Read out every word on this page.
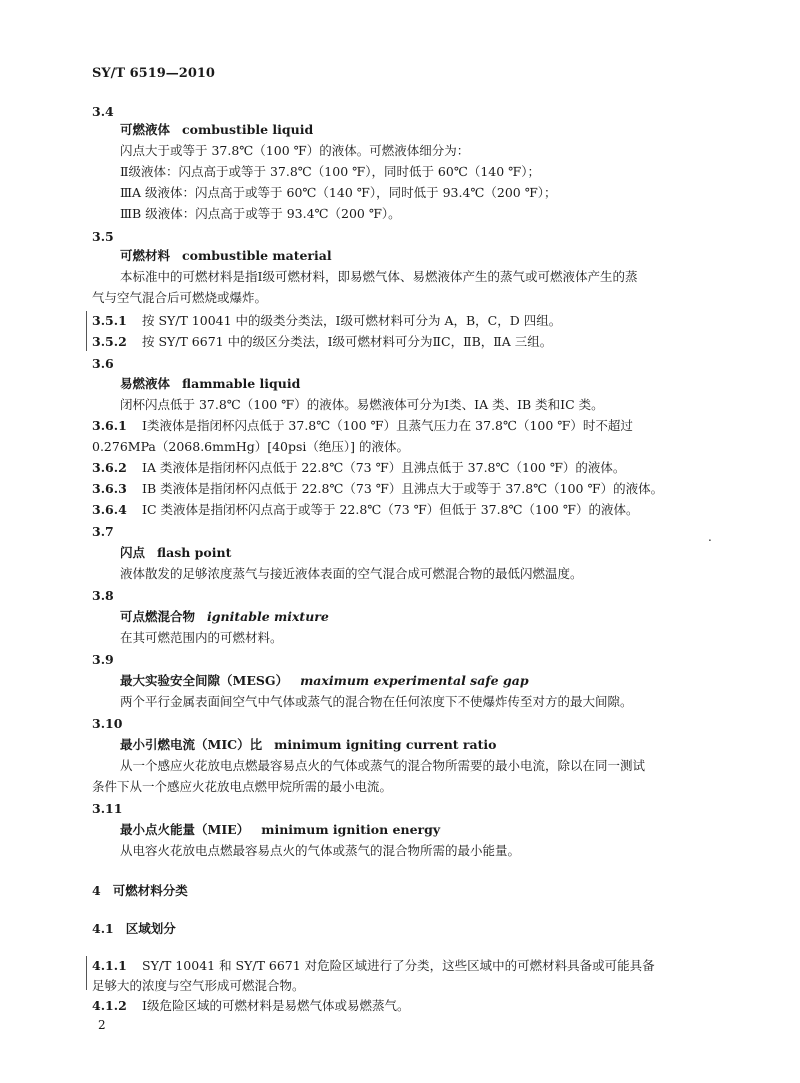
SY/T 6519—2010
3.4
可燃液体 combustible liquid
闪点大于或等于 37.8℃（100 ℉）的液体。可燃液体细分为：
Ⅱ级液体：闪点高于或等于 37.8℃（100 ℉），同时低于 60℃（140 ℉）；
ⅢA 级液体：闪点高于或等于 60℃（140 ℉），同时低于 93.4℃（200 ℉）；
ⅢB 级液体：闪点高于或等于 93.4℃（200 ℉）。
3.5
可燃材料 combustible material
本标准中的可燃材料是指Ⅰ级可燃材料，即易燃气体、易燃液体产生的蒸气或可燃液体产生的蒸
气与空气混合后可燃烧或爆炸。
3.5.1 按 SY/T 10041 中的级类分类法，Ⅰ级可燃材料可分为 A，B，C，D 四组。
3.5.2 按 SY/T 6671 中的级区分类法，Ⅰ级可燃材料可分为ⅡC，ⅡB，ⅡA 三组。
3.6
易燃液体 flammable liquid
闭杯闪点低于 37.8℃（100 ℉）的液体。易燃液体可分为Ⅰ类、ⅠA 类、ⅠB 类和ⅠC 类。
3.6.1 Ⅰ类液体是指闭杯闪点低于 37.8℃（100 ℉）且蒸气压力在 37.8℃（100 ℉）时不超过
0.276MPa（2068.6mmHg）[40psi（绝压）] 的液体。
3.6.2 ⅠA 类液体是指闭杯闪点低于 22.8℃（73 ℉）且沸点低于 37.8℃（100 ℉）的液体。
3.6.3 ⅠB 类液体是指闭杯闪点低于 22.8℃（73 ℉）且沸点大于或等于 37.8℃（100 ℉）的液体。
3.6.4 ⅠC 类液体是指闭杯闪点高于或等于 22.8℃（73 ℉）但低于 37.8℃（100 ℉）的液体。
.
3.7
闪点 flash point
液体散发的足够浓度蒸气与接近液体表面的空气混合成可燃混合物的最低闪燃温度。
3.8
可点燃混合物 ignitable mixture
在其可燃范围内的可燃材料。
3.9
最大实验安全间隙（MESG） maximum experimental safe gap
两个平行金属表面间空气中气体或蒸气的混合物在任何浓度下不使爆炸传至对方的最大间隙。
3.10
最小引燃电流（MIC）比 minimum igniting current ratio
从一个感应火花放电点燃最容易点火的气体或蒸气的混合物所需要的最小电流，除以在同一测试
条件下从一个感应火花放电点燃甲烷所需的最小电流。
3.11
最小点火能量（MIE） minimum ignition energy
从电容火花放电点燃最容易点火的气体或蒸气的混合物所需的最小能量。
4 可燃材料分类
4.1 区域划分
4.1.1 SY/T 10041 和 SY/T 6671 对危险区域进行了分类，这些区域中的可燃材料具备或可能具备
足够大的浓度与空气形成可燃混合物。
4.1.2 Ⅰ级危险区域的可燃材料是易燃气体或易燃蒸气。
2
